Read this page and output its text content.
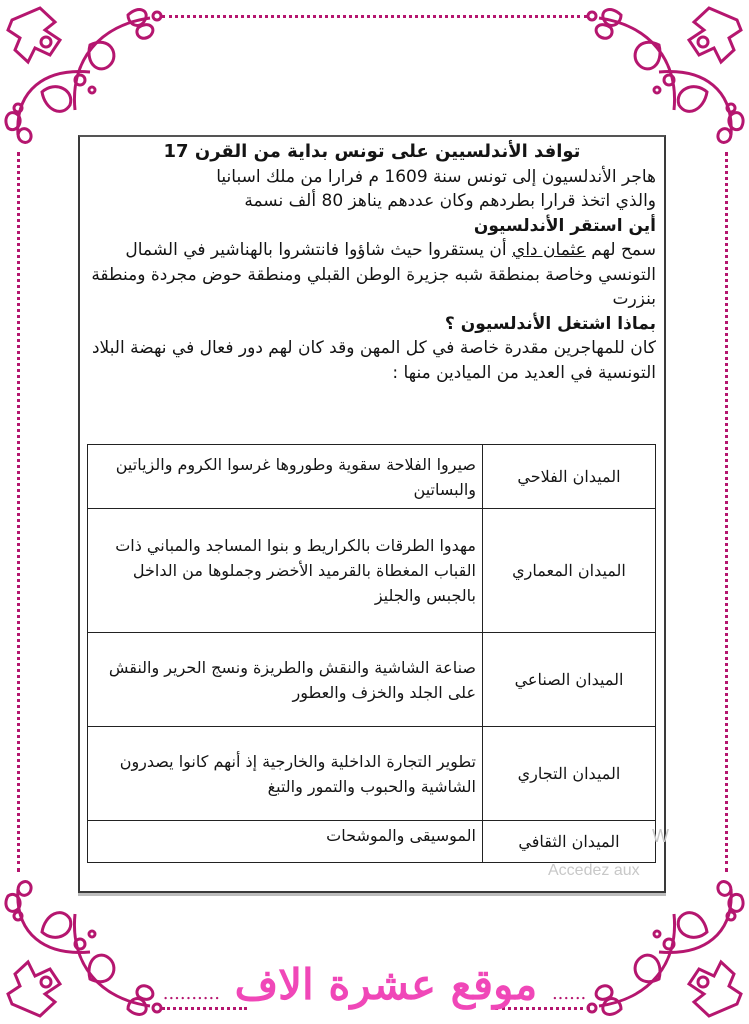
توافد الأندلسيين على تونس بداية من القرن 17
هاجر الأندلسيون إلى تونس سنة 1609 م فرارا من ملك اسبانيا
والذي اتخذ قرارا بطردهم وكان عددهم يناهز 80 ألف نسمة
أين استقر الأندلسيون
سمح لهم عثمان داي أن يستقروا حيث شاؤوا فانتشروا بالهناشير في الشمال التونسي وخاصة بمنطقة شبه جزيرة الوطن القبلي ومنطقة حوض مجردة ومنطقة بنزرت
بماذا اشتغل الأندلسيون ؟
كان للمهاجرين مقدرة خاصة في كل المهن وقد كان لهم دور فعال في نهضة البلاد التونسية في العديد من الميادين منها :
الميدان الفلاحي	صيروا الفلاحة سقوية وطوروها غرسوا الكروم والزياتين والبساتين
الميدان المعماري	مهدوا الطرقات بالكراريط و بنوا المساجد والمباني ذات القباب المغطاة بالقرميد الأخضر وجملوها من الداخل بالجبس والجليز
الميدان الصناعي	صناعة الشاشية والنقش والطريزة ونسج الحرير والنقش على الجلد والخزف والعطور
الميدان التجاري	تطوير التجارة الداخلية والخارجية إذ أنهم كانوا يصدرون الشاشية والحبوب والتمور والتبغ
الميدان الثقافي	الموسيقى والموشحات	W
Accedez aux
...... موقع عشرة الاف ..........
